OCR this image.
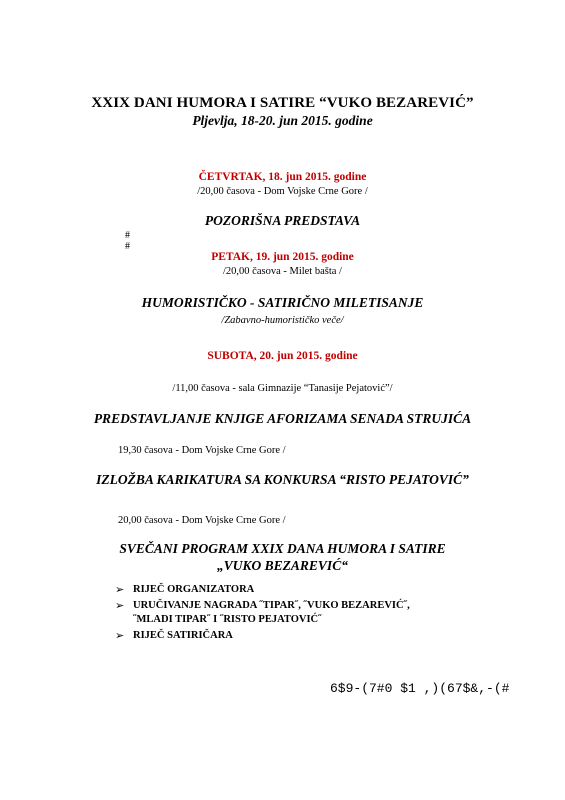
XXIX DANI HUMORA I SATIRE “VUKO BEZAREVIĆ”
Pljevlja, 18-20. jun 2015. godine
ČETVRTAK, 18. jun 2015. godine
/20,00 časova - Dom Vojske Crne Gore /
POZORIŠNA PREDSTAVA
#
#
PETAK, 19. jun 2015. godine
/20,00 časova - Milet bašta /
HUMORISTIČKO - SATIRIČNO MILETISANJE
/Zabavno-humorističko veče/
SUBOTA, 20. jun 2015. godine
/11,00 časova - sala Gimnazije “Tanasije Pejatović”/
PREDSTAVLJANJE KNJIGE AFORIZAMA SENADA STRUJIĆA
19,30 časova - Dom Vojske Crne Gore /
IZLOŽBA KARIKATURA SA KONKURSA “RISTO PEJATOVIĆ”
20,00 časova - Dom Vojske Crne Gore /
SVEČANI PROGRAM XXIX DANA HUMORA I SATIRE
„VUKO BEZAREVIĆ“
➢ RIJEČ ORGANIZATORA
➢ URUČIVANJE NAGRADA ˝TIPAR˝, ˝VUKO BEZAREVIĆ˝, ˝MLADI TIPAR˝ I ˝RISTO PEJATOVIĆ˝
➢ RIJEČ SATIRIČARA
6$9-(7#0 $1 ,)(67$&,-(#
